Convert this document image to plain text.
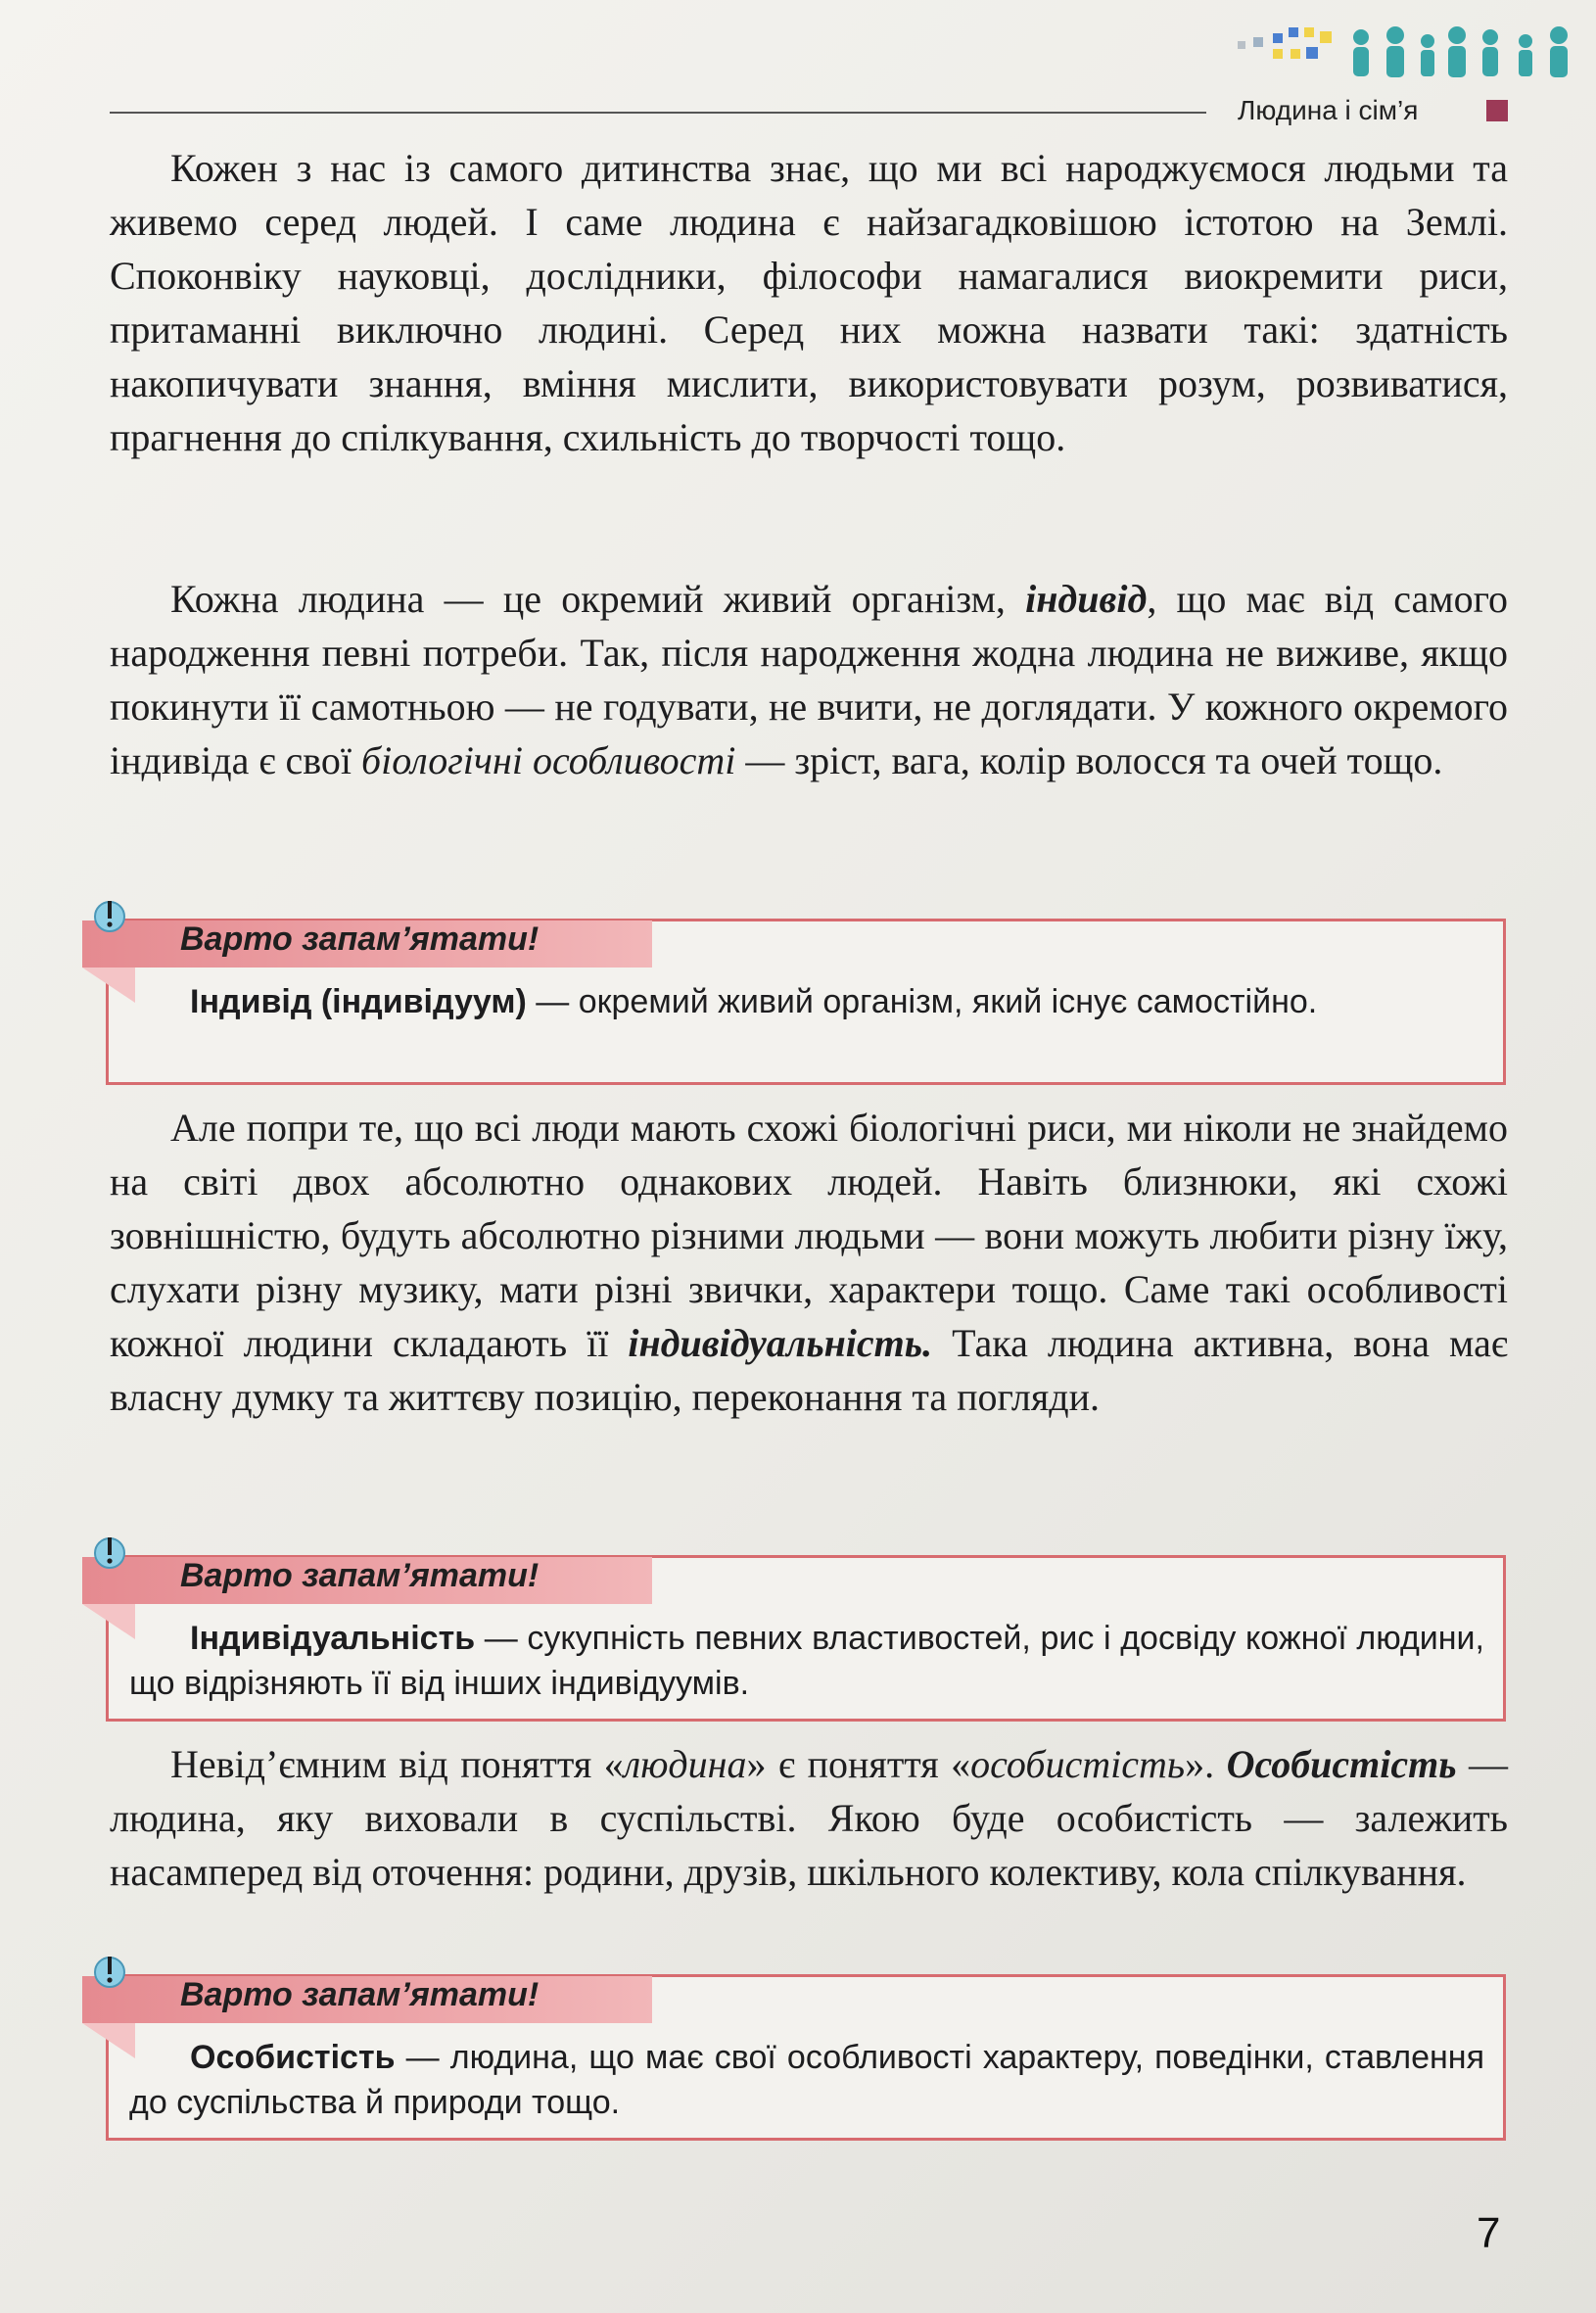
Людина і сім’я

Кожен з нас із самого дитинства знає, що ми всі народжуємося людьми та живемо серед людей. І саме людина є найзагадковішою істотою на Землі. Споконвіку науковці, дослідники, філософи намагалися виокремити риси, притаманні виключно людині. Серед них можна назвати такі: здатність накопичувати знання, вміння мислити, використовувати розум, розвиватися, прагнення до спілкування, схильність до творчості тощо.

Кожна людина — це окремий живий організм, індивід, що має від самого народження певні потреби. Так, після народження жодна людина не виживе, якщо покинути її самотньою — не годувати, не вчити, не доглядати. У кожного окремого індивіда є свої біологічні особливості — зріст, вага, колір волосся та очей тощо.

Варто запам’ятати!

Індивід (індивідуум) — окремий живий організм, який існує самостійно.

Але попри те, що всі люди мають схожі біологічні риси, ми ніколи не знайдемо на світі двох абсолютно однакових людей. Навіть близнюки, які схожі зовнішністю, будуть абсолютно різними людьми — вони можуть любити різну їжу, слухати різну музику, мати різні звички, характери тощо. Саме такі особливості кожної людини складають її індивідуальність. Така людина активна, вона має власну думку та життєву позицію, переконання та погляди.

Варто запам’ятати!

Індивідуальність — сукупність певних властивостей, рис і досвіду кожної людини, що відрізняють її від інших індивідуумів.

Невід’ємним від поняття «людина» є поняття «особистість». Особистість — людина, яку виховали в суспільстві. Якою буде особистість — залежить насамперед від оточення: родини, друзів, шкільного колективу, кола спілкування.

Варто запам’ятати!

Особистість — людина, що має свої особливості характеру, поведінки, ставлення до суспільства й природи тощо.

7
